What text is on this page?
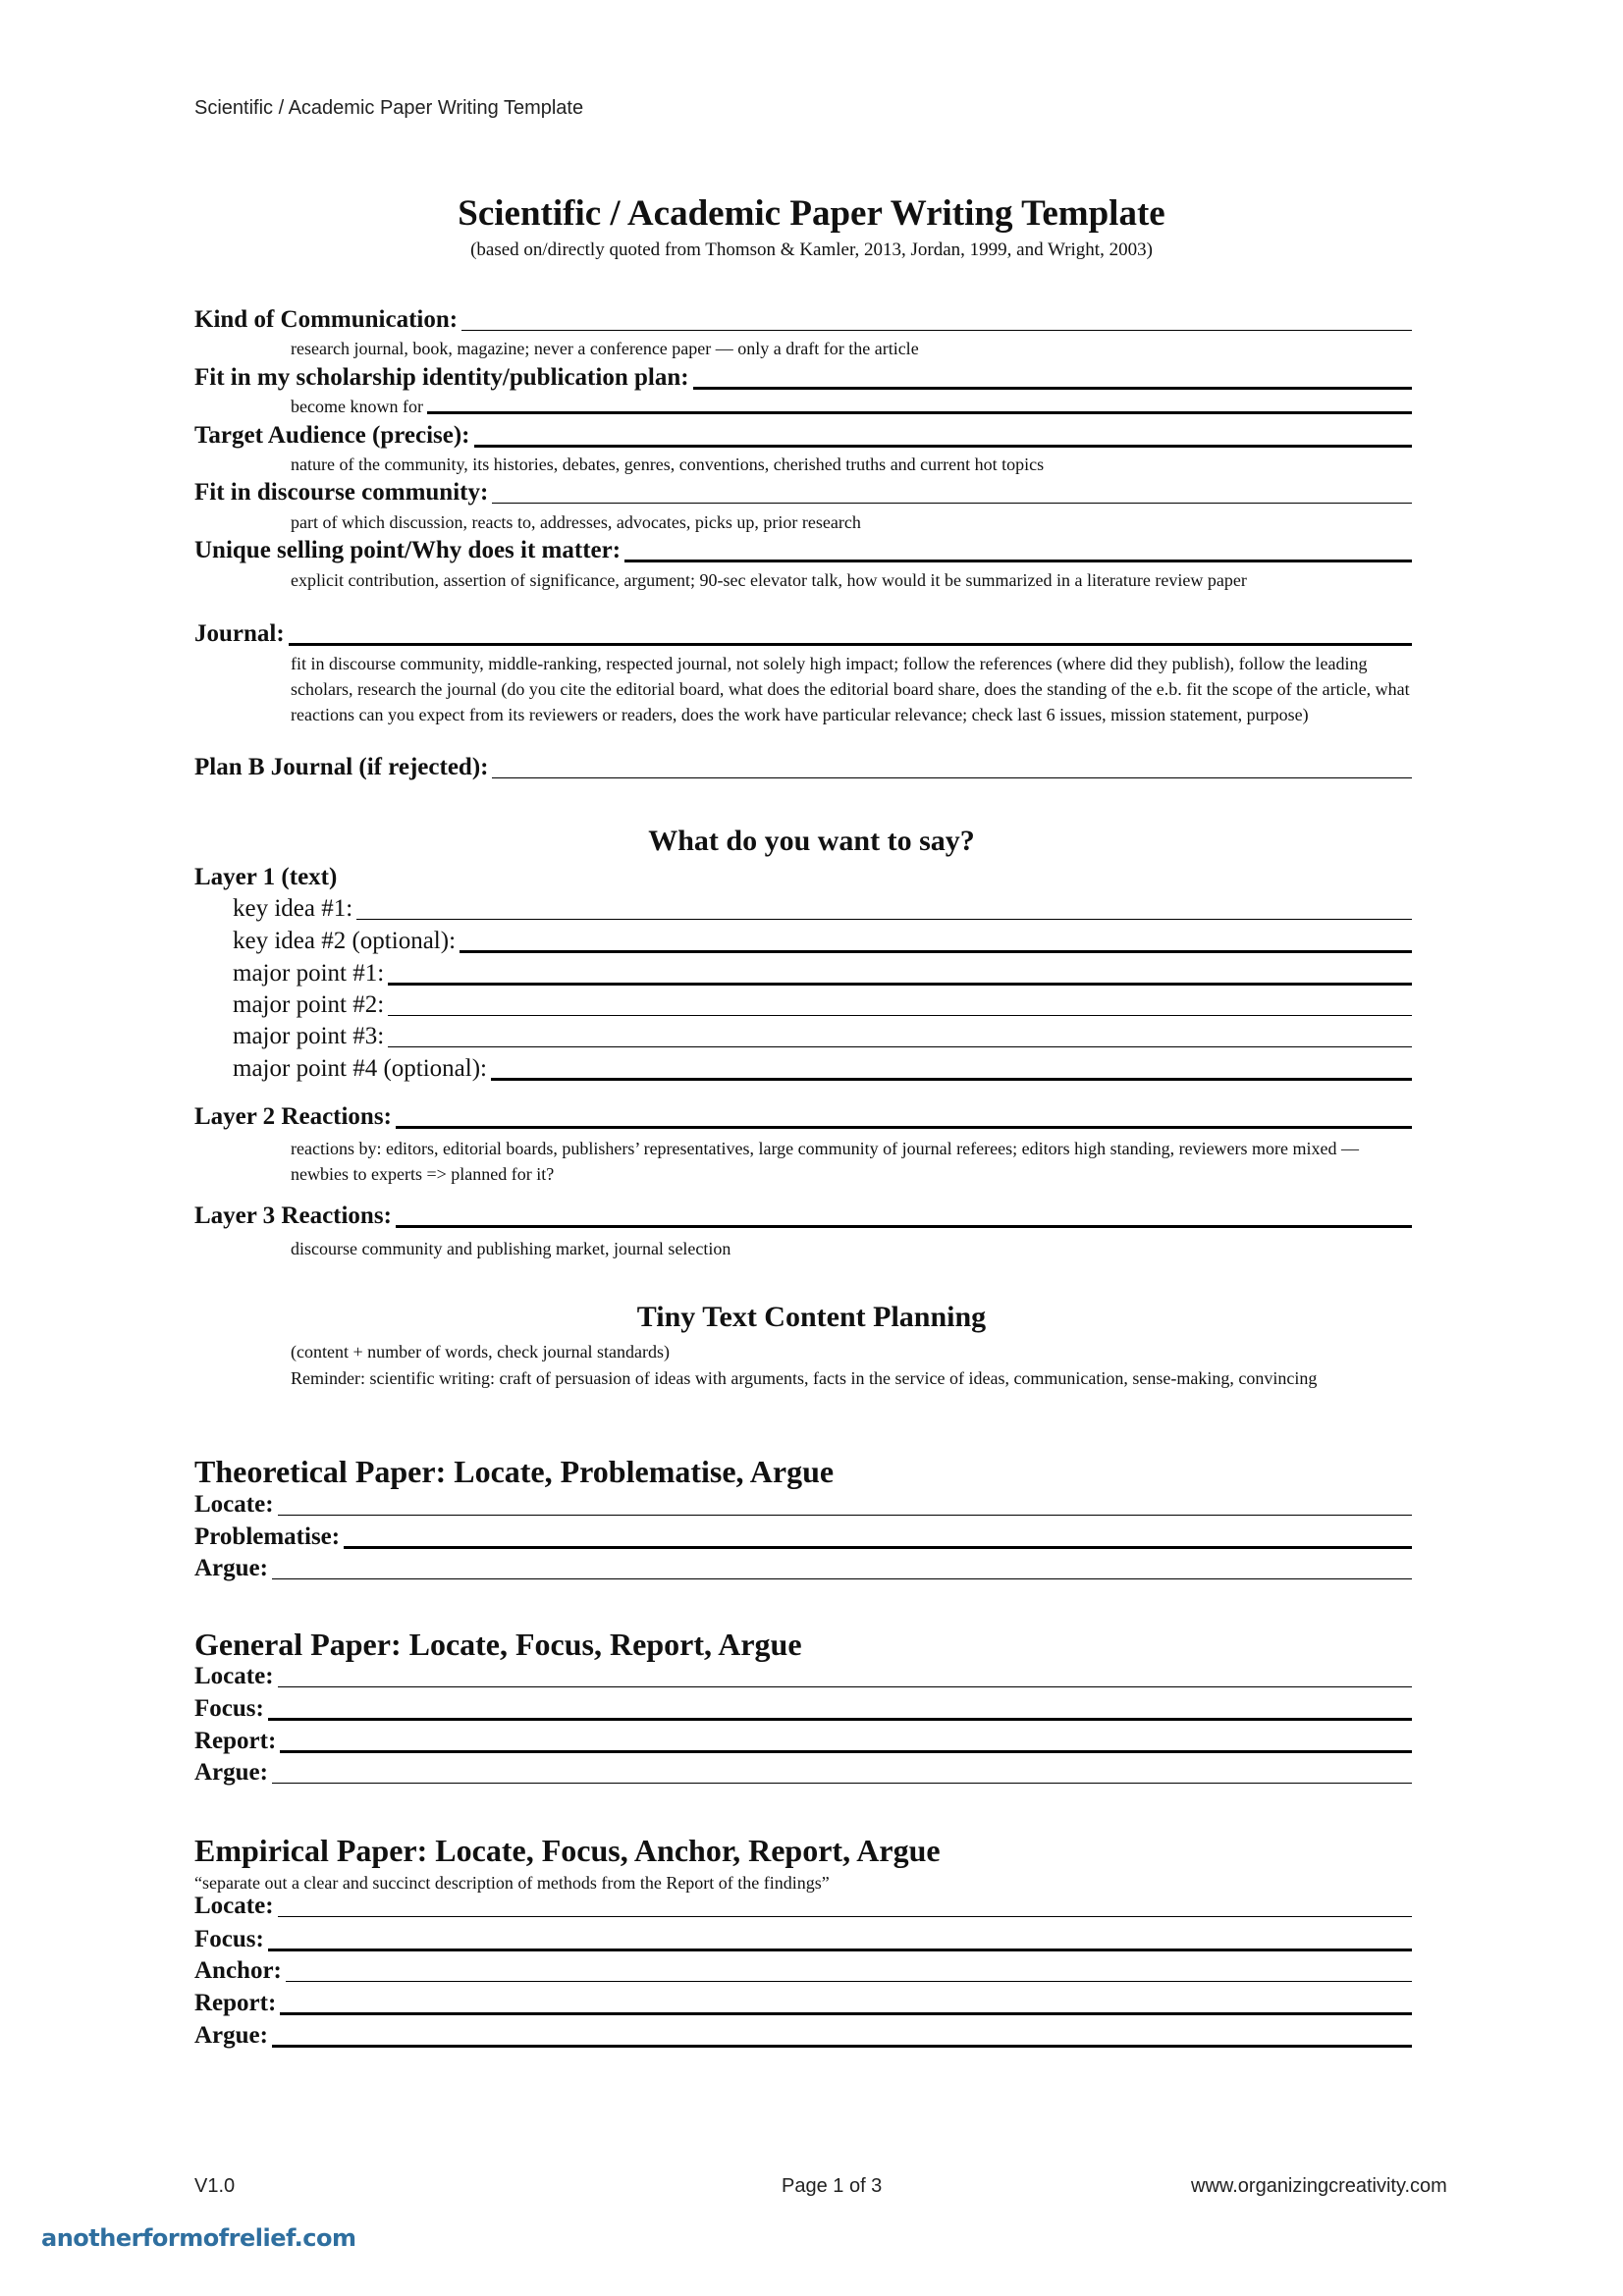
Scientific / Academic Paper Writing Template
Scientific / Academic Paper Writing Template
(based on/directly quoted from Thomson & Kamler, 2013, Jordan, 1999, and Wright, 2003)
Kind of Communication:
research journal, book, magazine; never a conference paper — only a draft for the article
Fit in my scholarship identity/publication plan:
become known for
Target Audience (precise):
nature of the community, its histories, debates, genres, conventions, cherished truths and current hot topics
Fit in discourse community:
part of which discussion, reacts to, addresses, advocates, picks up, prior research
Unique selling point/Why does it matter:
explicit contribution, assertion of significance, argument; 90-sec elevator talk, how would it be summarized in a literature review paper
Journal:
fit in discourse community, middle-ranking, respected journal, not solely high impact; follow the references (where did they publish), follow the leading scholars, research the journal (do you cite the editorial board, what does the editorial board share, does the standing of the e.b. fit the scope of the article, what reactions can you expect from its reviewers or readers, does the work have particular relevance; check last 6 issues, mission statement, purpose)
Plan B Journal (if rejected):
What do you want to say?
Layer 1 (text)
key idea #1:
key idea #2 (optional):
major point #1:
major point #2:
major point #3:
major point #4 (optional):
Layer 2 Reactions:
reactions by: editors, editorial boards, publishers’ representatives, large community of journal referees; editors high standing, reviewers more mixed — newbies to experts => planned for it?
Layer 3 Reactions:
discourse community and publishing market, journal selection
Tiny Text Content Planning
(content + number of words, check journal standards)
Reminder: scientific writing: craft of persuasion of ideas with arguments, facts in the service of ideas, communication, sense-making, convincing
Theoretical Paper: Locate, Problematise, Argue
Locate:
Problematise:
Argue:
General Paper: Locate, Focus, Report, Argue
Locate:
Focus:
Report:
Argue:
Empirical Paper: Locate, Focus, Anchor, Report, Argue
“separate out a clear and succinct description of methods from the Report of the findings”
Locate:
Focus:
Anchor:
Report:
Argue:
V1.0	Page 1 of 3	www.organizingcreativity.com
anotherformofrelief.com
